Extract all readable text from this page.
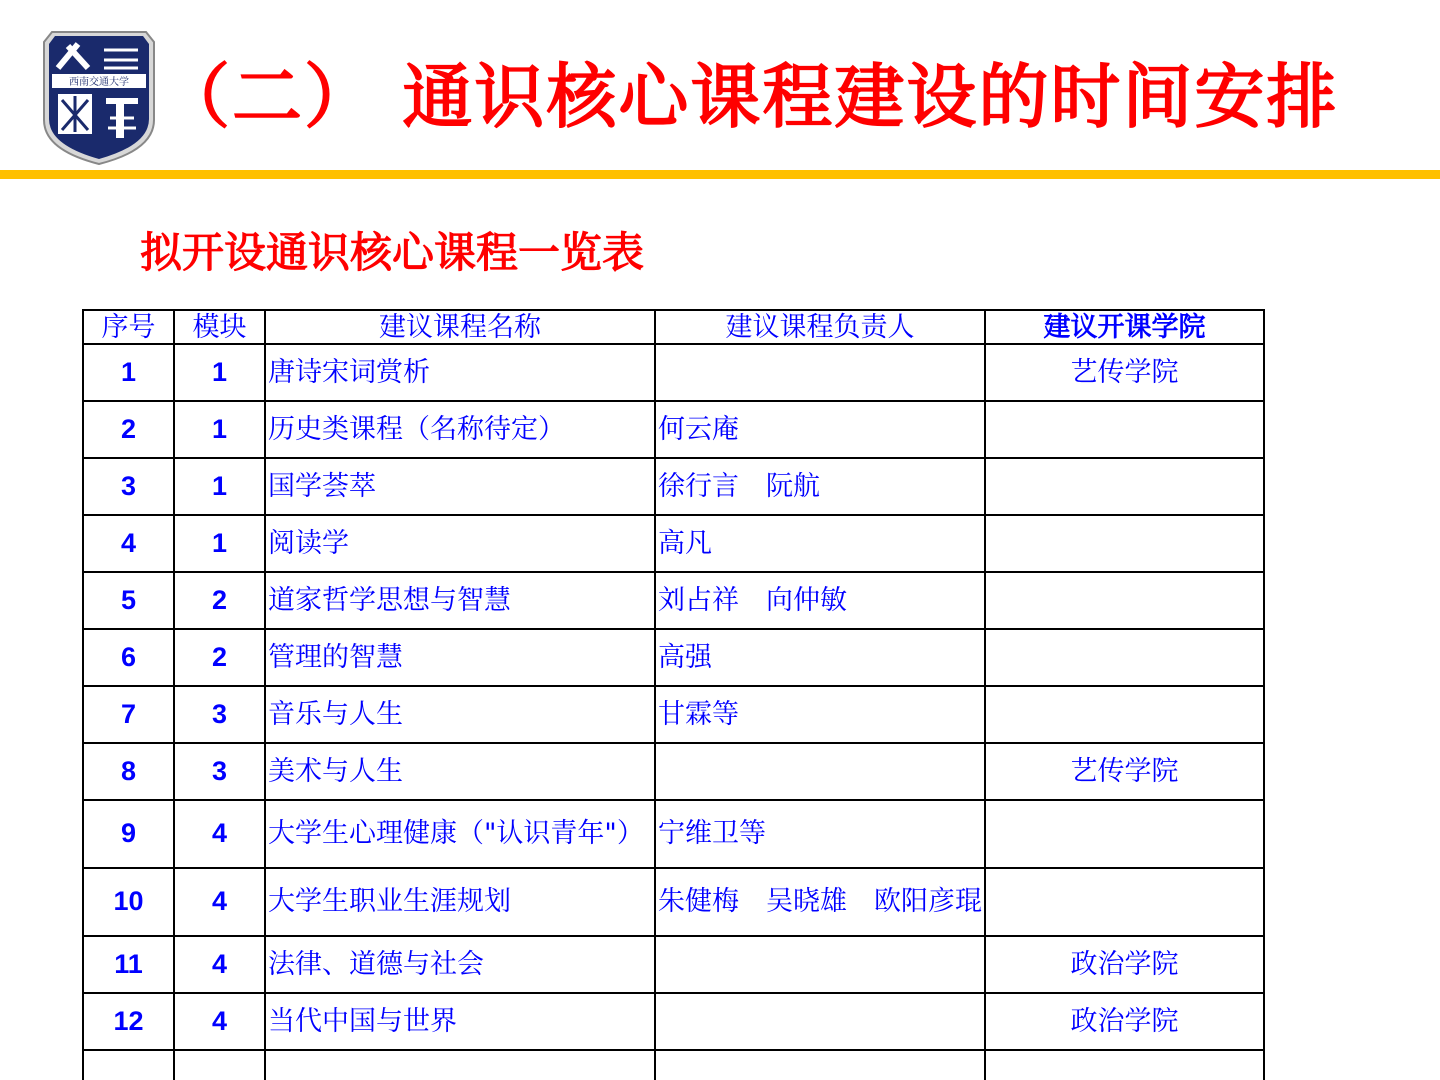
西南交通大学 （二） 通识核心课程建设的时间安排
拟开设通识核心课程一览表
序号	模块	建议课程名称	建议课程负责人	建议开课学院
1	1	唐诗宋词赏析		艺传学院
2	1	历史类课程（名称待定）	何云庵	
3	1	国学荟萃	徐行言　阮航	
4	1	阅读学	高凡	
5	2	道家哲学思想与智慧	刘占祥　向仲敏	
6	2	管理的智慧	高强	
7	3	音乐与人生	甘霖等	
8	3	美术与人生		艺传学院
9	4	大学生心理健康（"认识青年"）	宁维卫等	
10	4	大学生职业生涯规划	朱健梅　吴晓雄　欧阳彦琨	
11	4	法律、道德与社会		政治学院
12	4	当代中国与世界		政治学院
